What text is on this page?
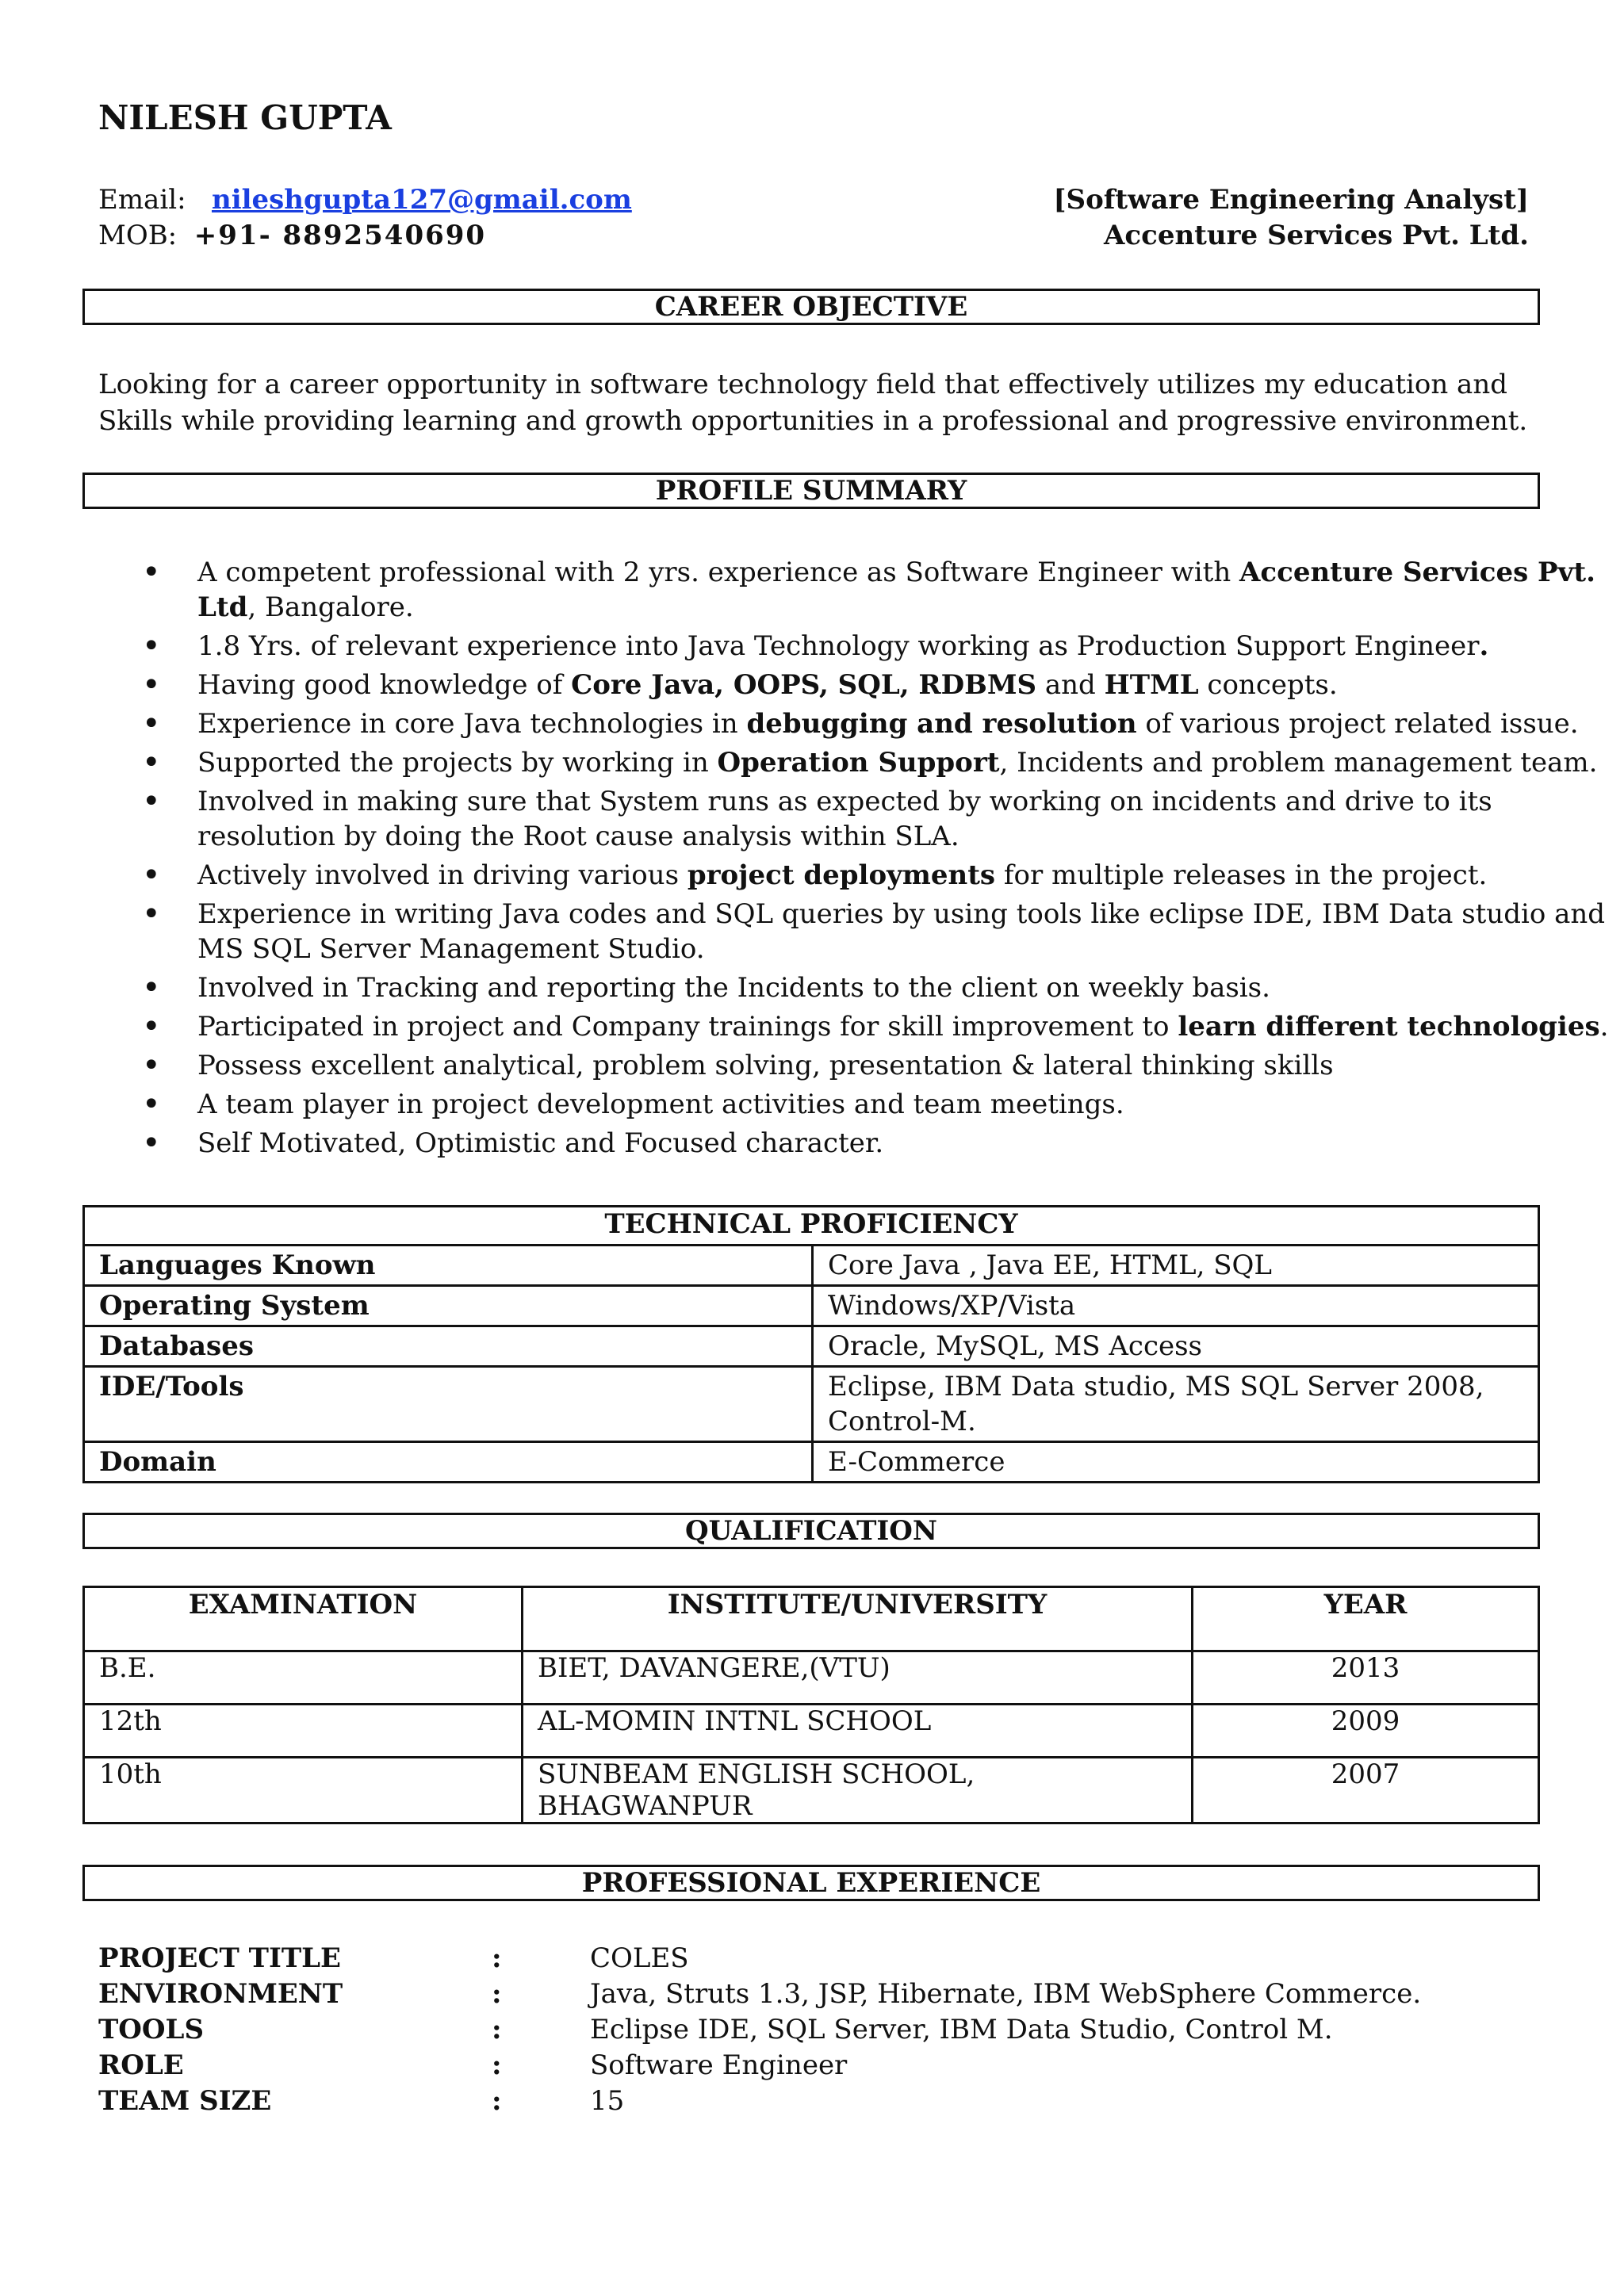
NILESH GUPTA
Email: nileshgupta127@gmail.com
MOB: +91- 8892540690
[Software Engineering Analyst]
Accenture Services Pvt. Ltd.
CAREER OBJECTIVE
Looking for a career opportunity in software technology field that effectively utilizes my education and
Skills while providing learning and growth opportunities in a professional and progressive environment.
PROFILE SUMMARY
• A competent professional with 2 yrs. experience as Software Engineer with Accenture Services Pvt. Ltd, Bangalore.
• 1.8 Yrs. of relevant experience into Java Technology working as Production Support Engineer.
• Having good knowledge of Core Java, OOPS, SQL, RDBMS and HTML concepts.
• Experience in core Java technologies in debugging and resolution of various project related issue.
• Supported the projects by working in Operation Support, Incidents and problem management team.
• Involved in making sure that System runs as expected by working on incidents and drive to its resolution by doing the Root cause analysis within SLA.
• Actively involved in driving various project deployments for multiple releases in the project.
• Experience in writing Java codes and SQL queries by using tools like eclipse IDE, IBM Data studio and MS SQL Server Management Studio.
• Involved in Tracking and reporting the Incidents to the client on weekly basis.
• Participated in project and Company trainings for skill improvement to learn different technologies.
• Possess excellent analytical, problem solving, presentation & lateral thinking skills
• A team player in project development activities and team meetings.
• Self Motivated, Optimistic and Focused character.
TECHNICAL PROFICIENCY	
Languages Known	Core Java , Java EE, HTML, SQL
Operating System	Windows/XP/Vista
Databases	Oracle, MySQL, MS Access
IDE/Tools	Eclipse, IBM Data studio, MS SQL Server 2008, Control-M.
Domain	E-Commerce
QUALIFICATION
EXAMINATION	INSTITUTE/UNIVERSITY	YEAR
B.E.	BIET, DAVANGERE,(VTU)	2013
12th	AL-MOMIN INTNL SCHOOL	2009
10th	SUNBEAM ENGLISH SCHOOL, BHAGWANPUR	2007
PROFESSIONAL EXPERIENCE
PROJECT TITLE	:	COLES
ENVIRONMENT	:	Java, Struts 1.3, JSP, Hibernate, IBM WebSphere Commerce.
TOOLS	:	Eclipse IDE, SQL Server, IBM Data Studio, Control M.
ROLE	:	Software Engineer
TEAM SIZE	:	15
